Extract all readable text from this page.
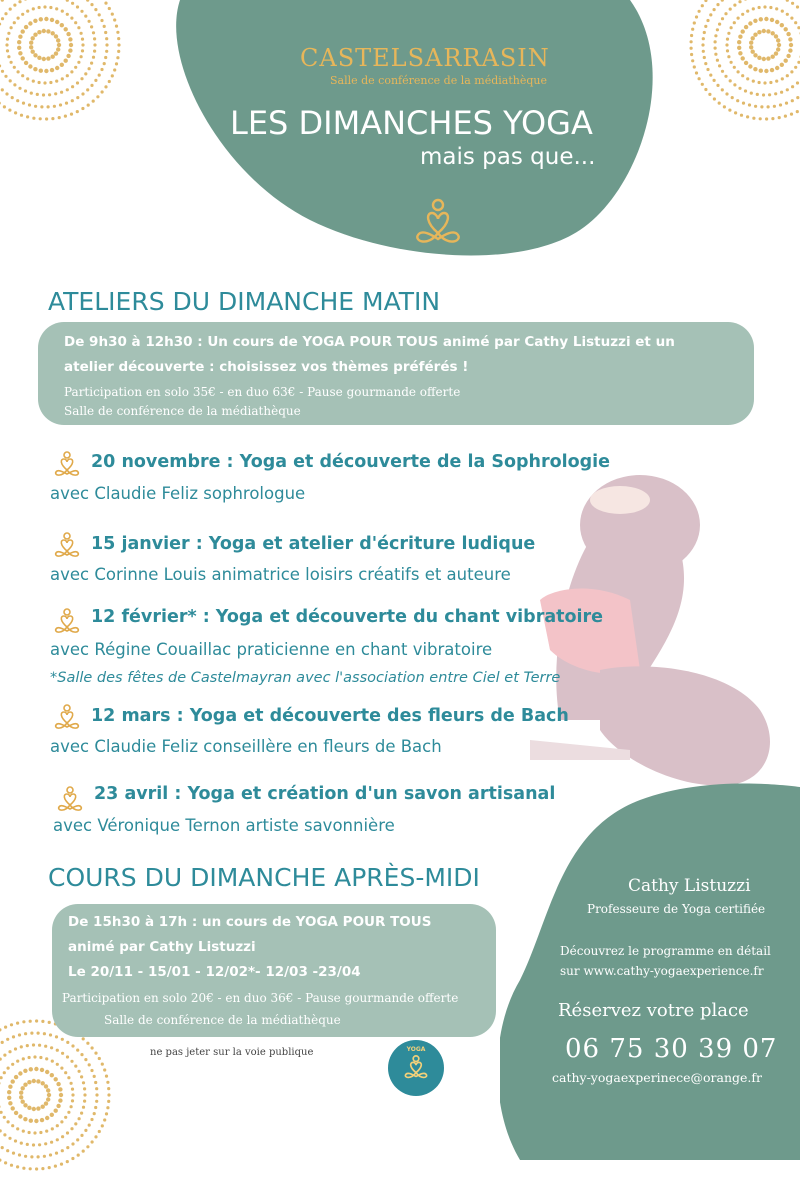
CASTELSARRASIN
Salle de conférence de la médiathèque
LES DIMANCHES YOGA
mais pas que...
ATELIERS DU DIMANCHE MATIN
De 9h30 à 12h30 : Un cours de YOGA POUR TOUS animé par Cathy Listuzzi et un
atelier découverte : choisissez vos thèmes préférés !
Participation en solo 35€ - en duo 63€ - Pause gourmande offerte
Salle de conférence de la médiathèque
20 novembre : Yoga et découverte de la Sophrologie
avec Claudie Feliz sophrologue
15 janvier : Yoga et atelier d'écriture ludique
avec Corinne Louis animatrice loisirs créatifs et auteure
12 février* : Yoga et découverte du chant vibratoire
avec Régine Couaillac praticienne en chant vibratoire
*Salle des fêtes de Castelmayran avec l'association entre Ciel et Terre
12 mars : Yoga et découverte des fleurs de Bach
avec Claudie Feliz conseillère en fleurs de Bach
23 avril : Yoga et création d'un savon artisanal
avec Véronique Ternon artiste savonnière
COURS DU DIMANCHE APRÈS-MIDI
De 15h30 à 17h : un cours de YOGA POUR TOUS
animé par Cathy Listuzzi
Le 20/11 - 15/01 - 12/02*- 12/03 -23/04
Participation en solo 20€ - en duo 36€ - Pause gourmande offerte
Salle de conférence de la médiathèque
ne pas jeter sur la voie publique	YOGA
Cathy Listuzzi
Professeure de Yoga certifiée
Découvrez le programme en détail
sur www.cathy-yogaexperience.fr
Réservez votre place
06 75 30 39 07
cathy-yogaexperinece@orange.fr
